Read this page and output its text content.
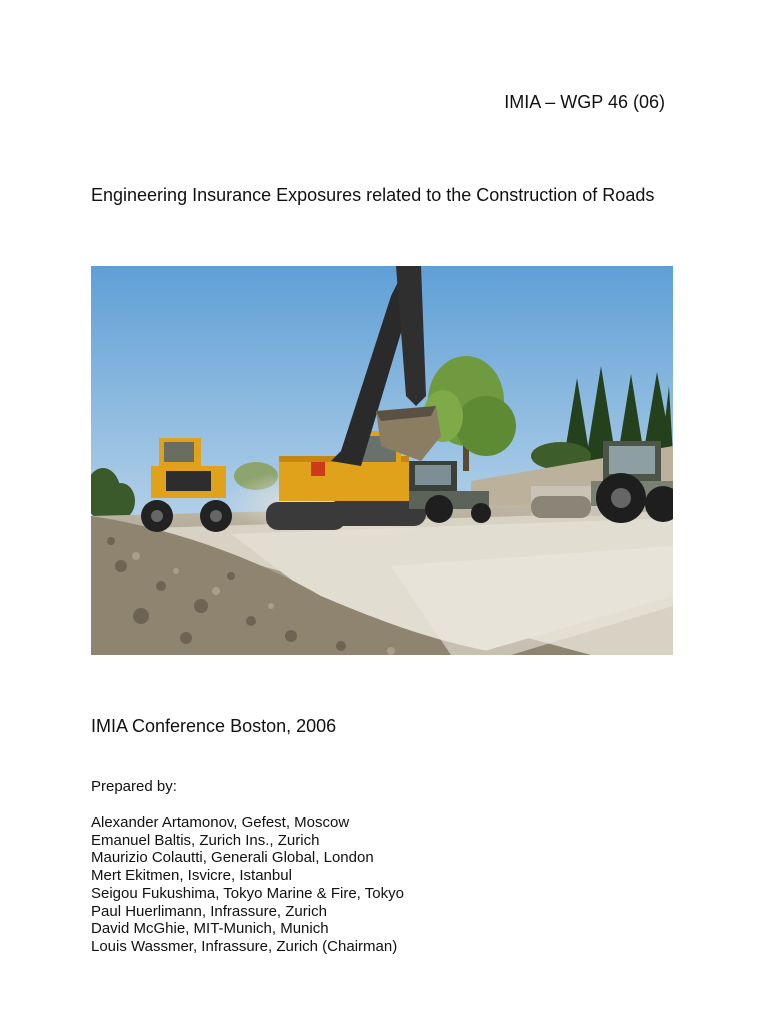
IMIA – WGP 46 (06)
Engineering Insurance Exposures related to the Construction of Roads
IMIA Conference Boston, 2006
Prepared by:
Alexander Artamonov, Gefest, Moscow
Emanuel Baltis, Zurich Ins., Zurich
Maurizio Colautti, Generali Global, London
Mert Ekitmen, Isvicre, Istanbul
Seigou Fukushima, Tokyo Marine & Fire, Tokyo
Paul Huerlimann, Infrassure, Zurich
David McGhie, MIT-Munich, Munich
Louis Wassmer, Infrassure, Zurich (Chairman)
